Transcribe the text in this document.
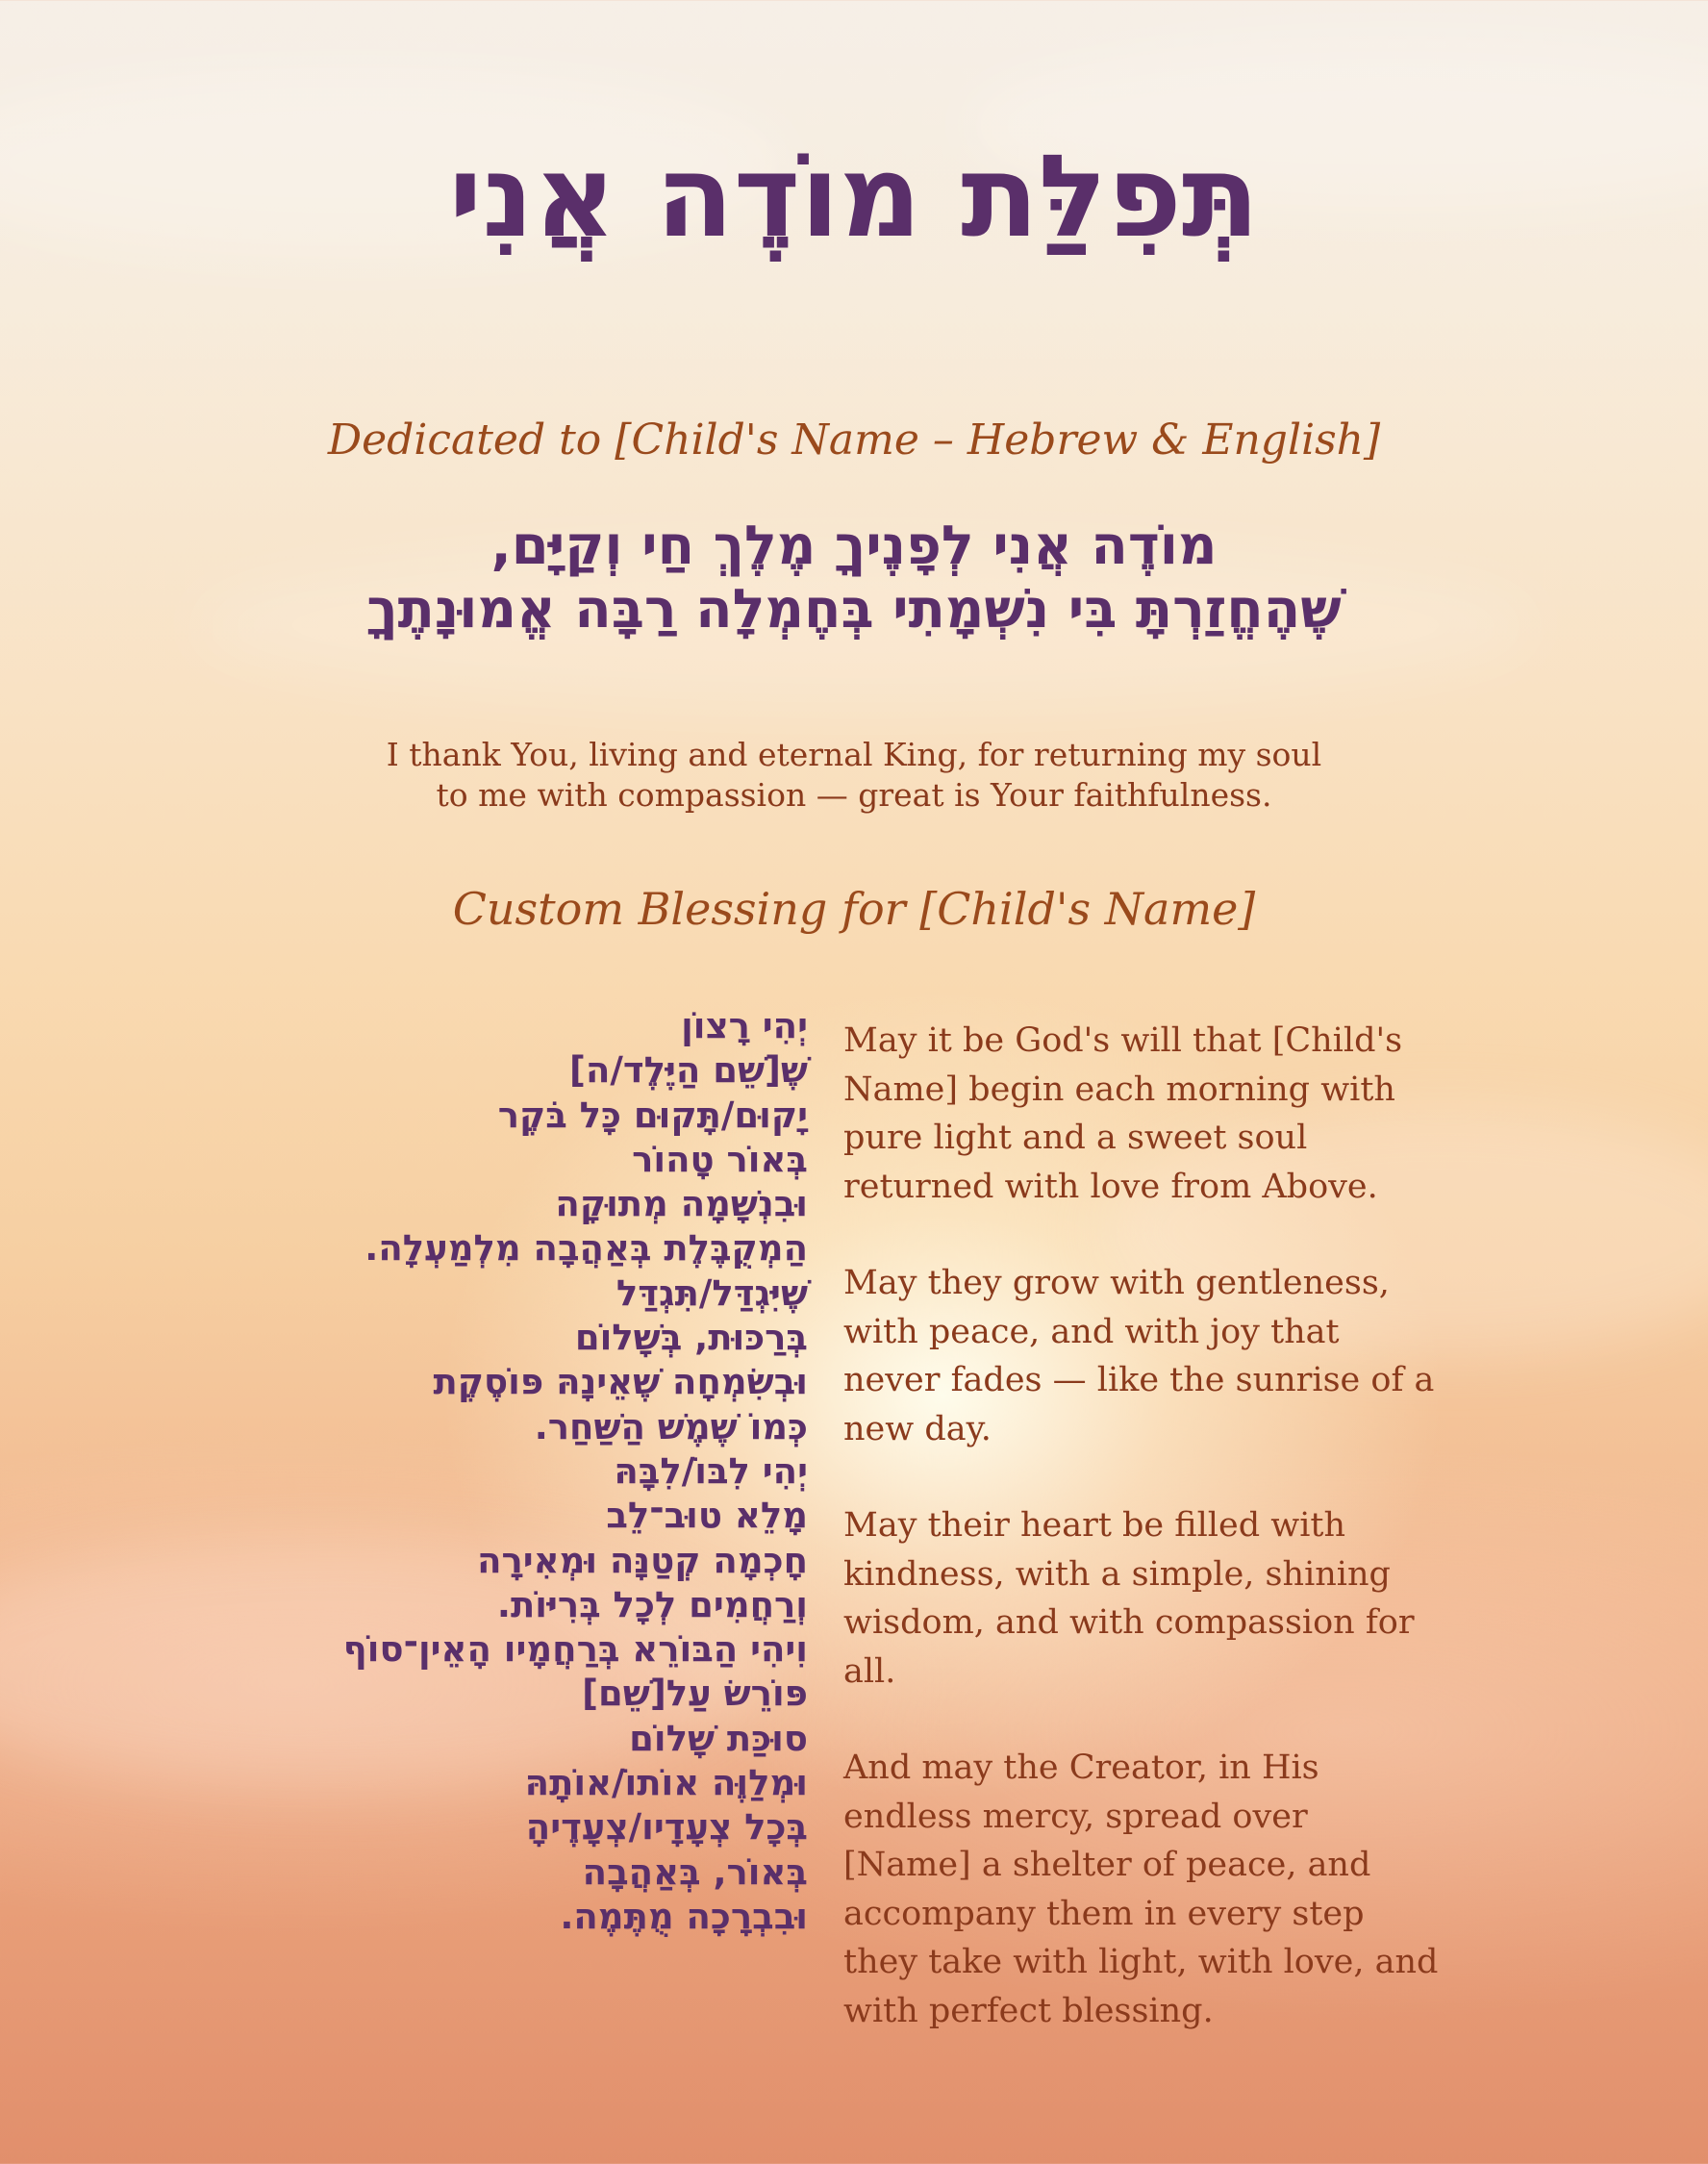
תְּפִלַּת מוֹדֶה אֲנִי
Dedicated to [Child's Name – Hebrew & English]
מוֹדֶה אֲנִי לְפָנֶיךָ מֶלֶךְ חַי וְקַיָּם,
שֶׁהֶחֱזַרְתָּ בִּי נִשְׁמָתִי בְּחֶמְלָה רַבָּה אֱמוּנָתֶךָ
I thank You, living and eternal King, for returning my soul
to me with compassion — great is Your faithfulness.
Custom Blessing for [Child's Name]
יְהִי רָצוֹן
שֶׁ[שֵׁם הַיֶּלֶד/ה]
יָקוּם/תָּקוּם כָּל בֹּקֶר
בְּאוֹר טָהוֹר
וּבִנְשָׁמָה מְתוּקָה
הַמְקֻבֶּלֶת בְּאַהֲבָה מִלְמַעְלָה.
שֶׁיִּגְדַּל/תִּגְדַּל
בְּרַכּוּת, בְּשָׁלוֹם
וּבְשִׂמְחָה שֶׁאֵינָהּ פּוֹסֶקֶת
כְּמוֹ שֶׁמֶשׁ הַשַּׁחַר.
יְהִי לִבּוֹ/לִבָּהּ
מָלֵא טוּב־לֵב
חָכְמָה קְטַנָּה וּמְאִירָה
וְרַחֲמִים לְכָל בְּרִיּוֹת.
וִיהִי הַבּוֹרֵא בְּרַחֲמָיו הָאֵין־סוֹף
פּוֹרֵשׂ עַל[שֵׁם]
סוּכַּת שָׁלוֹם
וּמְלַוֶּה אוֹתוֹ/אוֹתָהּ
בְּכָל צְעָדָיו/צְעָדֶיהָ
בְּאוֹר, בְּאַהֲבָה
וּבִבְרָכָה מֻתֶּמֶה.

May it be God's will that [Child's Name] begin each morning with pure light and a sweet soul returned with love from Above.

May they grow with gentleness, with peace, and with joy that never fades — like the sunrise of a new day.

May their heart be filled with kindness, with a simple, shining wisdom, and with compassion for all.

And may the Creator, in His endless mercy, spread over [Name] a shelter of peace, and accompany them in every step they take with light, with love, and with perfect blessing.
